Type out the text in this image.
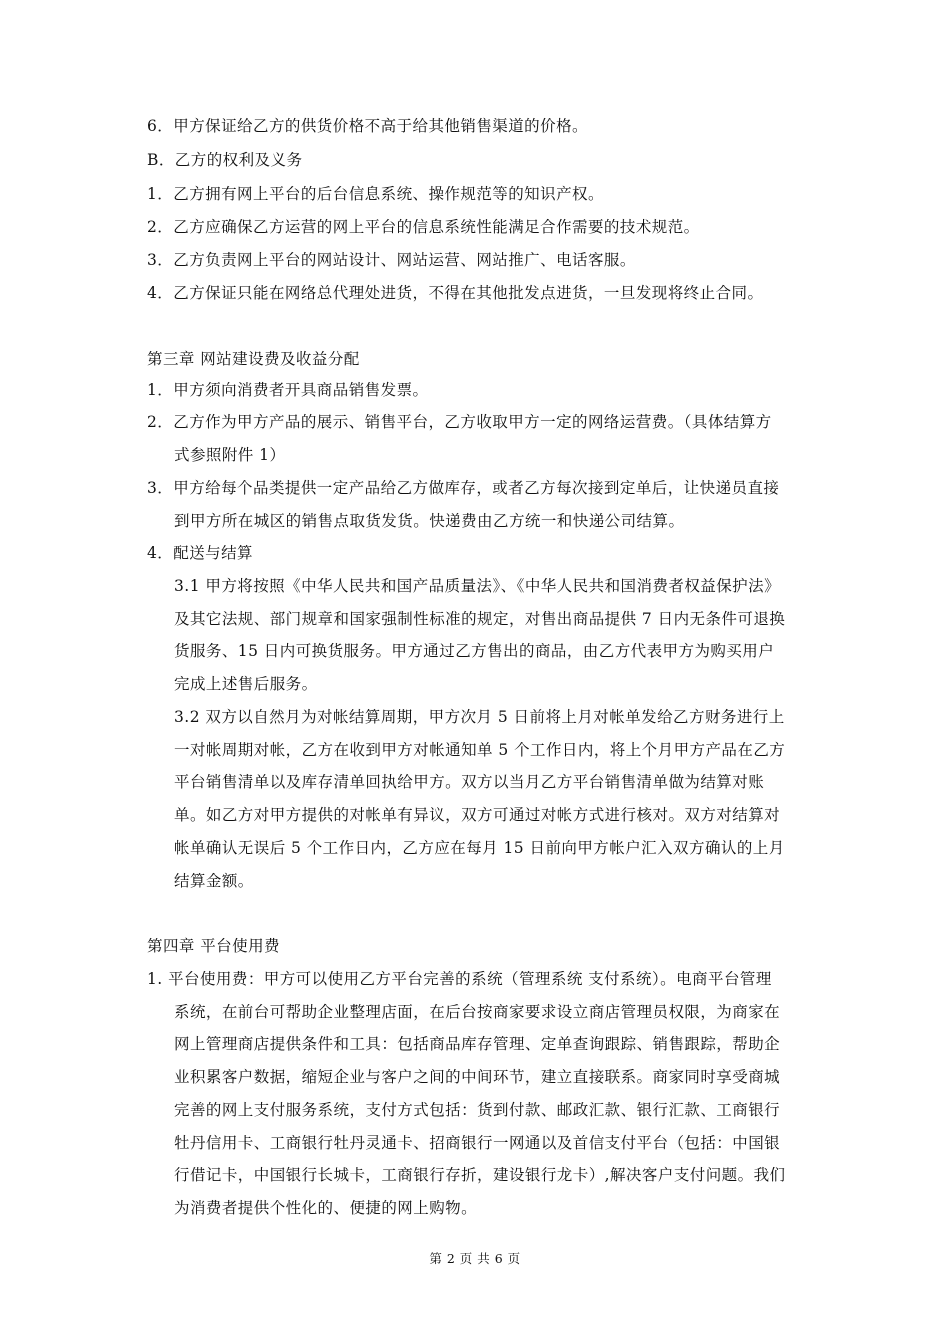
6．甲方保证给乙方的供货价格不高于给其他销售渠道的价格。
B．乙方的权利及义务
1．乙方拥有网上平台的后台信息系统、操作规范等的知识产权。
2．乙方应确保乙方运营的网上平台的信息系统性能满足合作需要的技术规范。
3．乙方负责网上平台的网站设计、网站运营、网站推广、电话客服。
4．乙方保证只能在网络总代理处进货，不得在其他批发点进货，一旦发现将终止合同。
第三章 网站建设费及收益分配
1．甲方须向消费者开具商品销售发票。
2．乙方作为甲方产品的展示、销售平台，乙方收取甲方一定的网络运营费。（具体结算方
式参照附件 1）
3．甲方给每个品类提供一定产品给乙方做库存，或者乙方每次接到定单后，让快递员直接
到甲方所在城区的销售点取货发货。快递费由乙方统一和快递公司结算。
4．配送与结算
3.1 甲方将按照《中华人民共和国产品质量法》、《中华人民共和国消费者权益保护法》
及其它法规、部门规章和国家强制性标准的规定，对售出商品提供 7 日内无条件可退换
货服务、15 日内可换货服务。甲方通过乙方售出的商品，由乙方代表甲方为购买用户
完成上述售后服务。
3.2 双方以自然月为对帐结算周期，甲方次月 5 日前将上月对帐单发给乙方财务进行上
一对帐周期对帐，乙方在收到甲方对帐通知单 5 个工作日内，将上个月甲方产品在乙方
平台销售清单以及库存清单回执给甲方。双方以当月乙方平台销售清单做为结算对账
单。如乙方对甲方提供的对帐单有异议，双方可通过对帐方式进行核对。双方对结算对
帐单确认无误后 5 个工作日内，乙方应在每月 15 日前向甲方帐户汇入双方确认的上月
结算金额。
第四章 平台使用费
1. 平台使用费：甲方可以使用乙方平台完善的系统（管理系统 支付系统）。电商平台管理
系统，在前台可帮助企业整理店面，在后台按商家要求设立商店管理员权限，为商家在
网上管理商店提供条件和工具：包括商品库存管理、定单查询跟踪、销售跟踪，帮助企
业积累客户数据，缩短企业与客户之间的中间环节，建立直接联系。商家同时享受商城
完善的网上支付服务系统，支付方式包括：货到付款、邮政汇款、银行汇款、工商银行
牡丹信用卡、工商银行牡丹灵通卡、招商银行一网通以及首信支付平台（包括：中国银
行借记卡，中国银行长城卡，工商银行存折，建设银行龙卡）,解决客户支付问题。我们
为消费者提供个性化的、便捷的网上购物。
第 2 页 共 6 页
